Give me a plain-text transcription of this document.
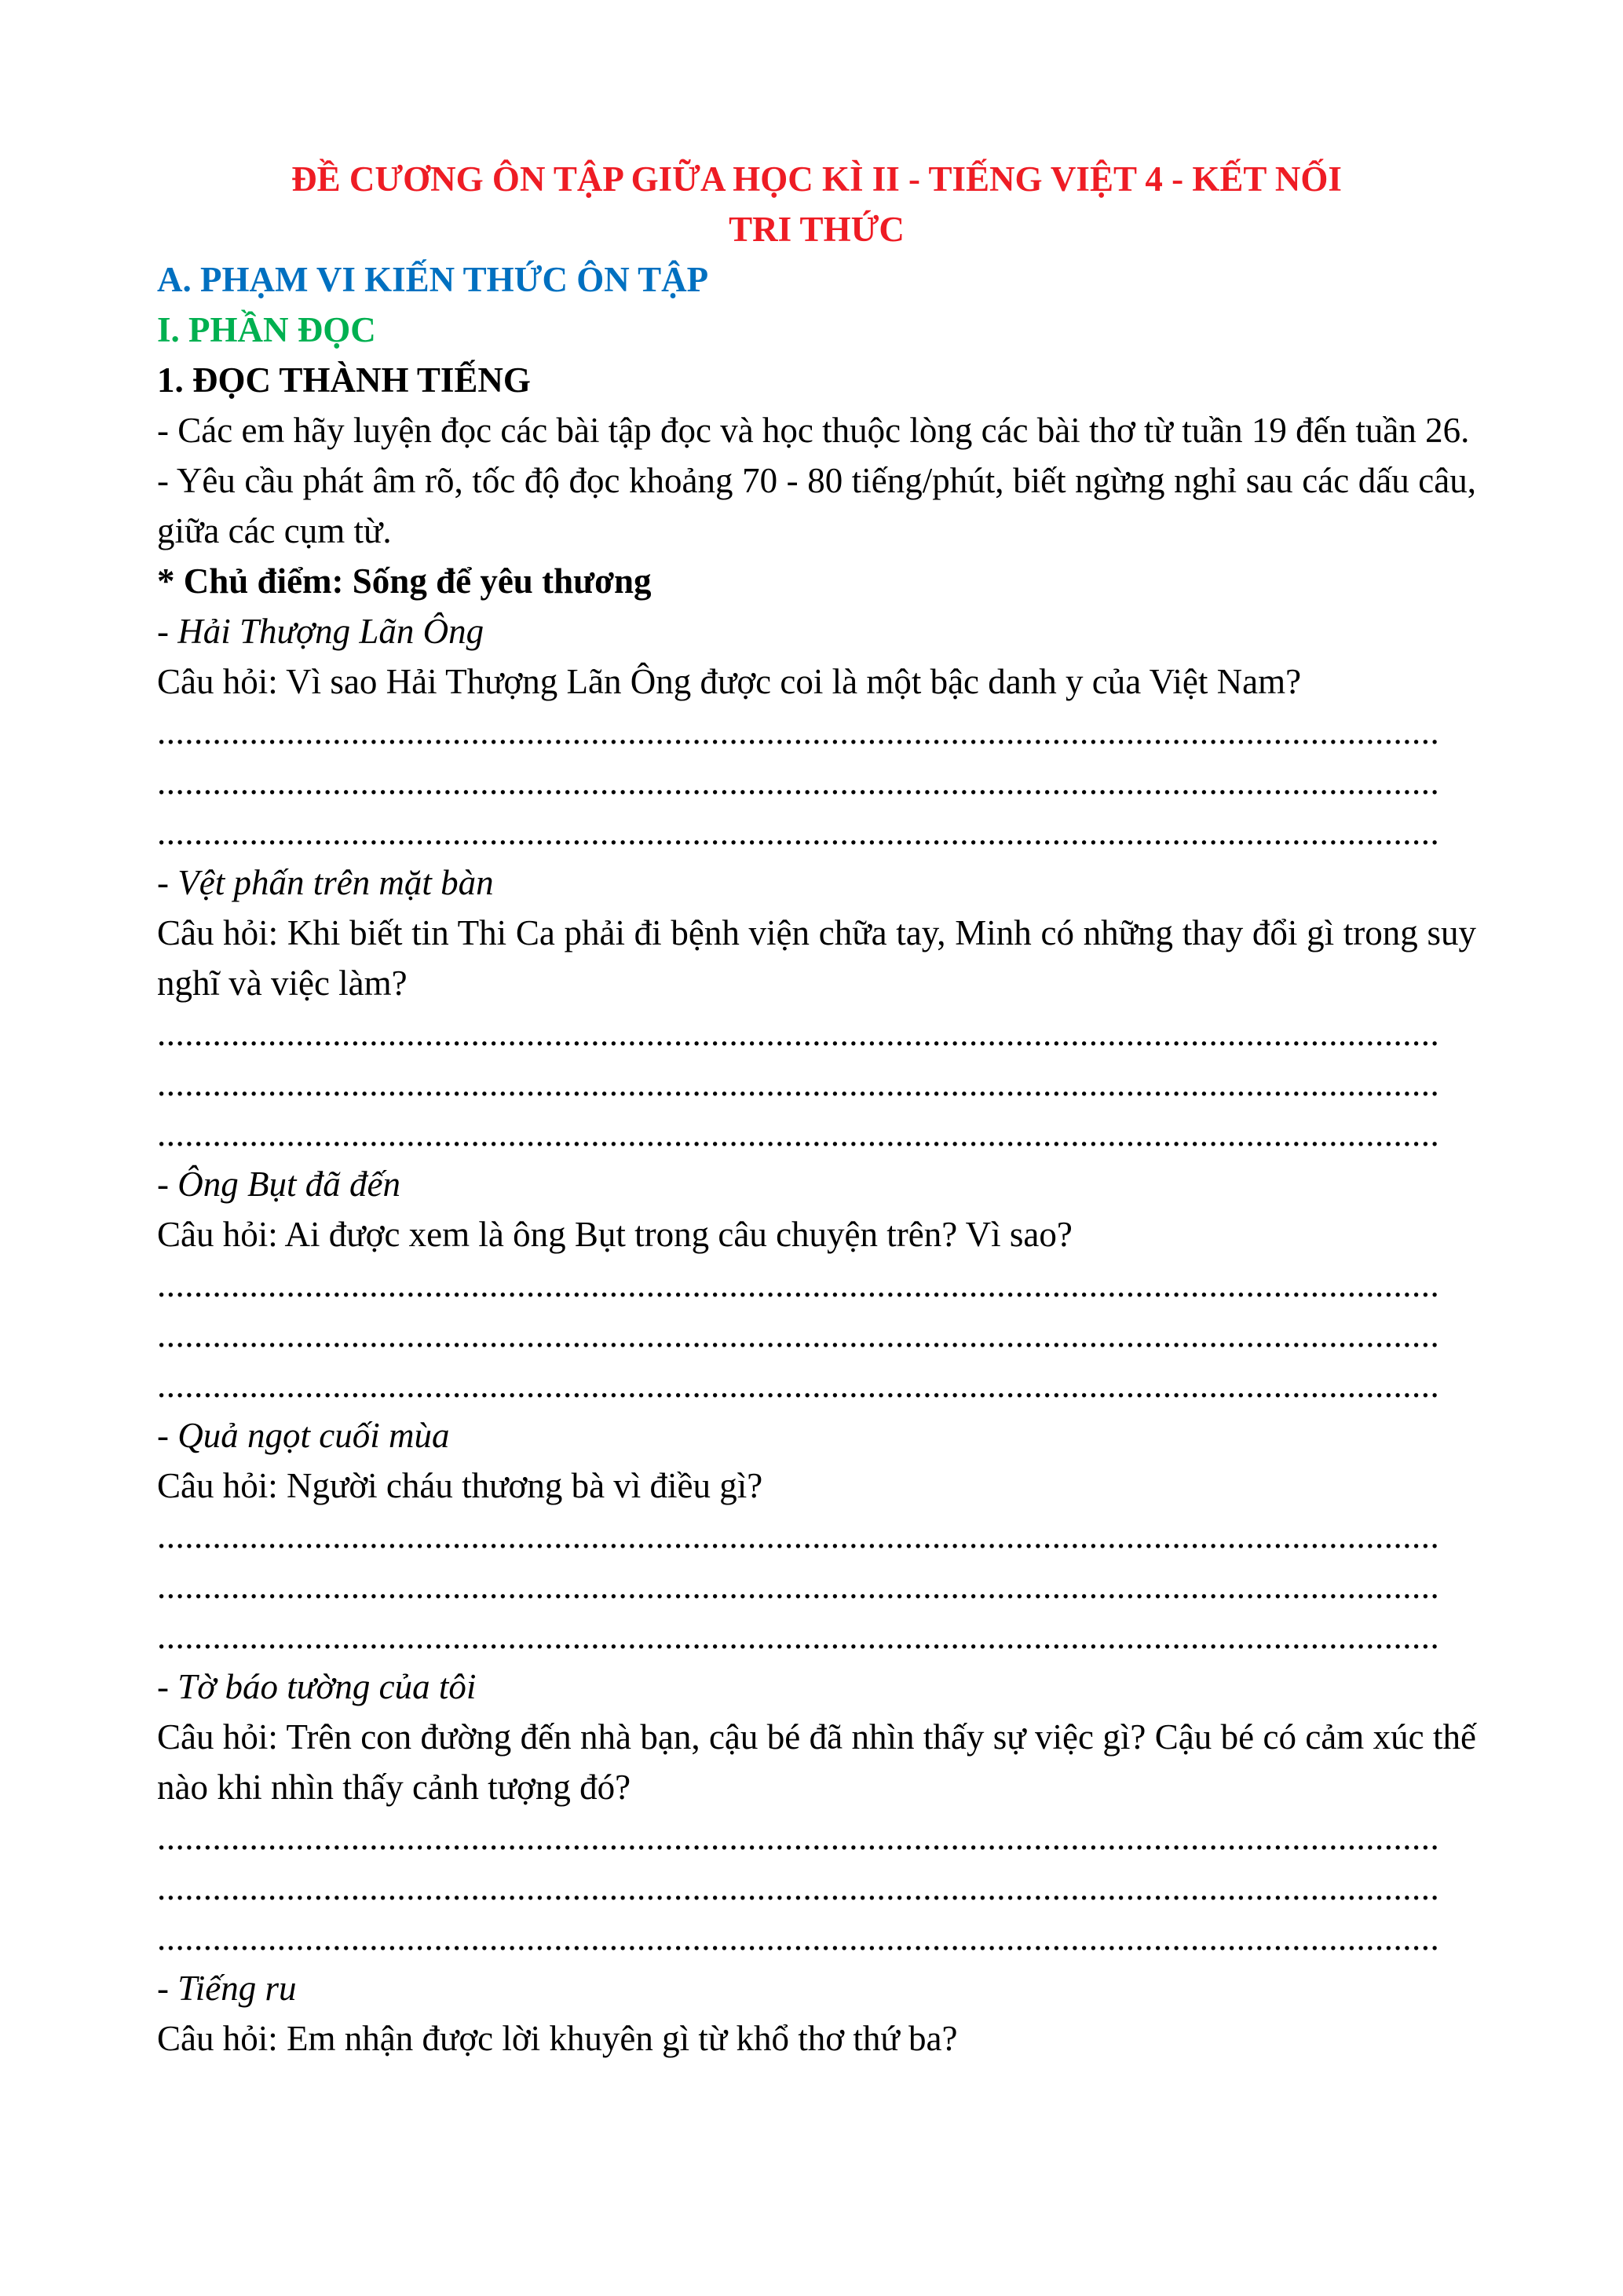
ĐỀ CƯƠNG ÔN TẬP GIỮA HỌC KÌ II - TIẾNG VIỆT 4 - KẾT NỐI

TRI THỨC

A. PHẠM VI KIẾN THỨC ÔN TẬP

I. PHẦN ĐỌC

1. ĐỌC THÀNH TIẾNG

- Các em hãy luyện đọc các bài tập đọc và học thuộc lòng các bài thơ từ tuần 19 đến tuần 26.

- Yêu cầu phát âm rõ, tốc độ đọc khoảng 70 - 80 tiếng/phút, biết ngừng nghỉ sau các dấu câu, giữa các cụm từ.

* Chủ điểm: Sống để yêu thương

- Hải Thượng Lãn Ông

Câu hỏi: Vì sao Hải Thượng Lãn Ông được coi là một bậc danh y của Việt Nam?

...........................................................................................................................................

...........................................................................................................................................

...........................................................................................................................................

- Vệt phấn trên mặt bàn

Câu hỏi: Khi biết tin Thi Ca phải đi bệnh viện chữa tay, Minh có những thay đổi gì trong suy nghĩ và việc làm?

...........................................................................................................................................

...........................................................................................................................................

...........................................................................................................................................

- Ông Bụt đã đến

Câu hỏi: Ai được xem là ông Bụt trong câu chuyện trên? Vì sao?

...........................................................................................................................................

...........................................................................................................................................

...........................................................................................................................................

- Quả ngọt cuối mùa

Câu hỏi: Người cháu thương bà vì điều gì?

...........................................................................................................................................

...........................................................................................................................................

...........................................................................................................................................

- Tờ báo tường của tôi

Câu hỏi: Trên con đường đến nhà bạn, cậu bé đã nhìn thấy sự việc gì? Cậu bé có cảm xúc thế nào khi nhìn thấy cảnh tượng đó?

...........................................................................................................................................

...........................................................................................................................................

...........................................................................................................................................

- Tiếng ru

Câu hỏi: Em nhận được lời khuyên gì từ khổ thơ thứ ba?
